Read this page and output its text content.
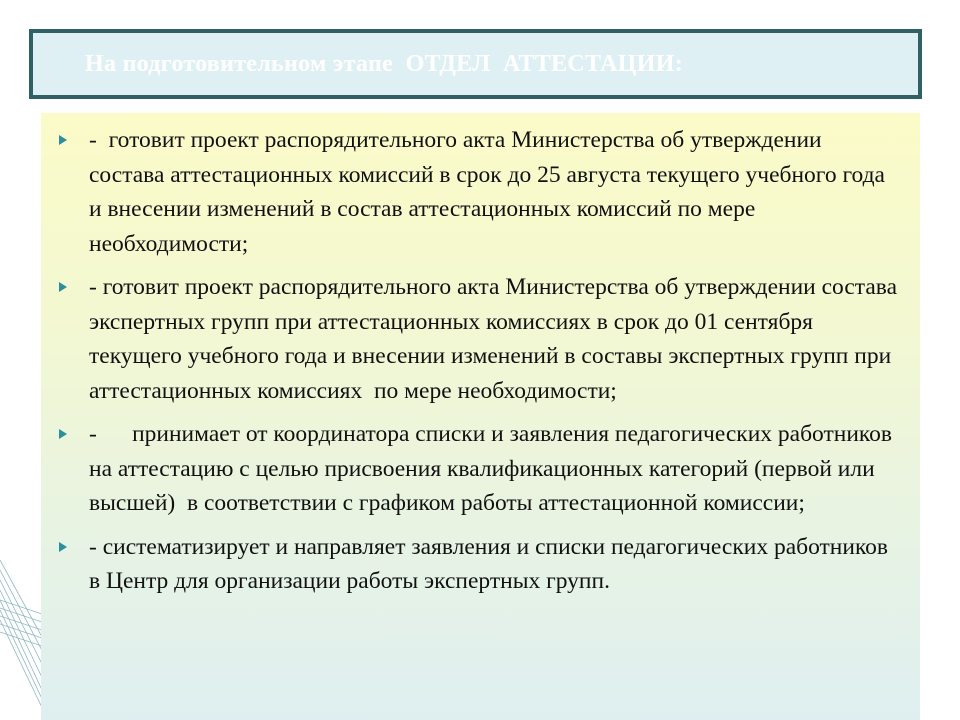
На подготовительном этапе  ОТДЕЛ  АТТЕСТАЦИИ:
-  готовит проект распорядительного акта Министерства об утверждении состава аттестационных комиссий в срок до 25 августа текущего учебного года и внесении изменений в состав аттестационных комиссий по мере необходимости;
- готовит проект распорядительного акта Министерства об утверждении состава экспертных групп при аттестационных комиссиях в срок до 01 сентября текущего учебного года и внесении изменений в составы экспертных групп при аттестационных комиссиях  по мере необходимости;
-      принимает от координатора списки и заявления педагогических работников на аттестацию с целью присвоения квалификационных категорий (первой или высшей)  в соответствии с графиком работы аттестационной комиссии;
- систематизирует и направляет заявления и списки педагогических работников в Центр для организации работы экспертных групп.
